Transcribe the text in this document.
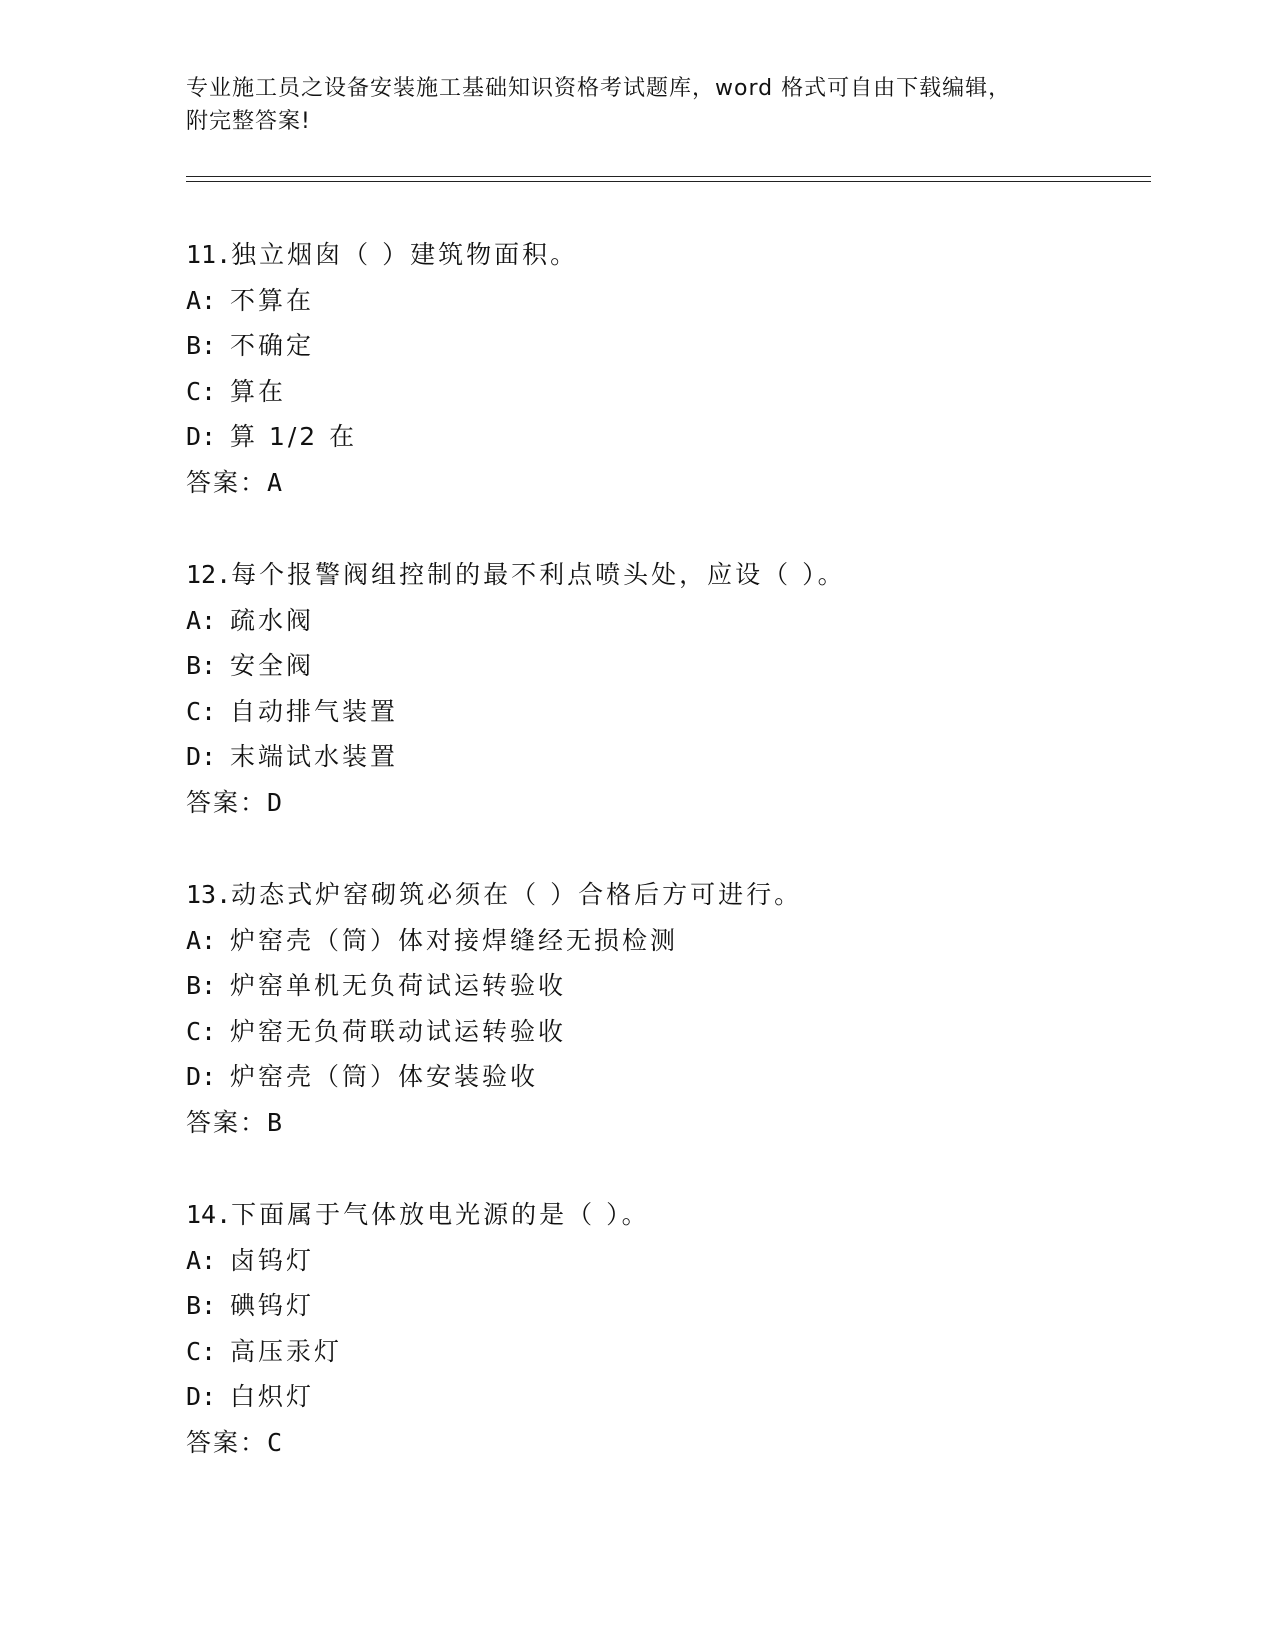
专业施工员之设备安装施工基础知识资格考试题库，word 格式可自由下载编辑，
附完整答案!
11.独立烟囱（ ）建筑物面积。
A: 不算在
B: 不确定
C: 算在
D: 算 1/2 在
答案：A
12.每个报警阀组控制的最不利点喷头处，应设（ ）。
A: 疏水阀
B: 安全阀
C: 自动排气装置
D: 末端试水装置
答案：D
13.动态式炉窑砌筑必须在（ ）合格后方可进行。
A: 炉窑壳（筒）体对接焊缝经无损检测
B: 炉窑单机无负荷试运转验收
C: 炉窑无负荷联动试运转验收
D: 炉窑壳（筒）体安装验收
答案：B
14.下面属于气体放电光源的是（ ）。
A: 卤钨灯
B: 碘钨灯
C: 高压汞灯
D: 白炽灯
答案：C
